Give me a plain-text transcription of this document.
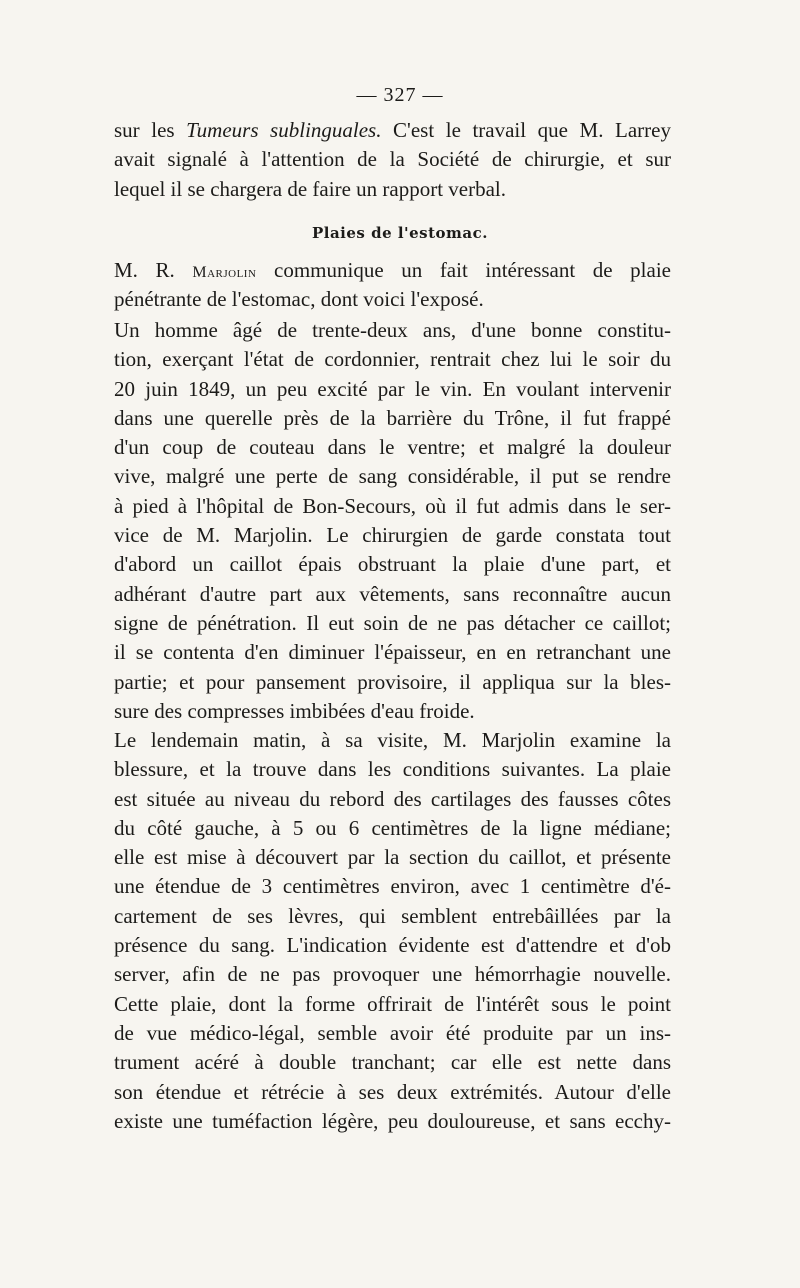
— 327 —
sur les Tumeurs sublinguales. C'est le travail que M. Larrey
avait signalé à l'attention de la Société de chirurgie, et sur
lequel il se chargera de faire un rapport verbal.
Plaies de l'estomac.
M. R. Marjolin communique un fait intéressant de plaie
pénétrante de l'estomac, dont voici l'exposé.
Un homme âgé de trente-deux ans, d'une bonne constitu-
tion, exerçant l'état de cordonnier, rentrait chez lui le soir du
20 juin 1849, un peu excité par le vin. En voulant intervenir
dans une querelle près de la barrière du Trône, il fut frappé
d'un coup de couteau dans le ventre; et malgré la douleur
vive, malgré une perte de sang considérable, il put se rendre
à pied à l'hôpital de Bon-Secours, où il fut admis dans le ser-
vice de M. Marjolin. Le chirurgien de garde constata tout
d'abord un caillot épais obstruant la plaie d'une part, et
adhérant d'autre part aux vêtements, sans reconnaître aucun
signe de pénétration. Il eut soin de ne pas détacher ce caillot;
il se contenta d'en diminuer l'épaisseur, en en retranchant une
partie; et pour pansement provisoire, il appliqua sur la bles-
sure des compresses imbibées d'eau froide.
Le lendemain matin, à sa visite, M. Marjolin examine la
blessure, et la trouve dans les conditions suivantes. La plaie
est située au niveau du rebord des cartilages des fausses côtes
du côté gauche, à 5 ou 6 centimètres de la ligne médiane;
elle est mise à découvert par la section du caillot, et présente
une étendue de 3 centimètres environ, avec 1 centimètre d'é-
cartement de ses lèvres, qui semblent entrebâillées par la
présence du sang. L'indication évidente est d'attendre et d'ob
server, afin de ne pas provoquer une hémorrhagie nouvelle.
Cette plaie, dont la forme offrirait de l'intérêt sous le point
de vue médico-légal, semble avoir été produite par un ins-
trument acéré à double tranchant; car elle est nette dans
son étendue et rétrécie à ses deux extrémités. Autour d'elle
existe une tuméfaction légère, peu douloureuse, et sans ecchy-
